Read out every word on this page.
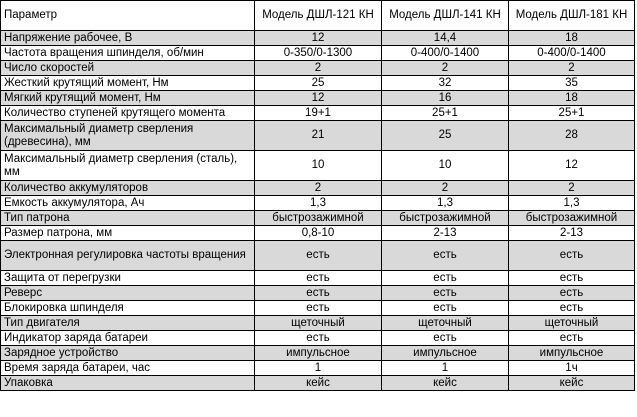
Параметр	Модель ДШЛ-121 КН	Модель ДШЛ-141 КН	Модель ДШЛ-181 КН
Напряжение рабочее, В	12	14,4	18
Частота вращения шпинделя, об/мин	0-350/0-1300	0-400/0-1400	0-400/0-1400
Число скоростей	2	2	2
Жесткий крутящий момент, Нм	25	32	35
Мягкий крутящий момент, Нм	12	16	18
Количество ступеней крутящего момента	19+1	25+1	25+1
Максимальный диаметр сверления (древесина), мм	21	25	28
Максимальный диаметр сверления (сталь), мм	10	10	12
Количество аккумуляторов	2	2	2
Емкость аккумулятора, Ач	1,3	1,3	1,3
Тип патрона	быстрозажимной	быстрозажимной	быстрозажимной
Размер патрона, мм	0,8-10	2-13	2-13
Электронная регулировка частоты вращения	есть	есть	есть
Защита от перегрузки	есть	есть	есть
Реверс	есть	есть	есть
Блокировка шпинделя	есть	есть	есть
Тип двигателя	щеточный	щеточный	щеточный
Индикатор заряда батареи	есть	есть	есть
Зарядное устройство	импульсное	импульсное	импульсное
Время заряда батареи, час	1	1	1ч
Упаковка	кейс	кейс	кейс
